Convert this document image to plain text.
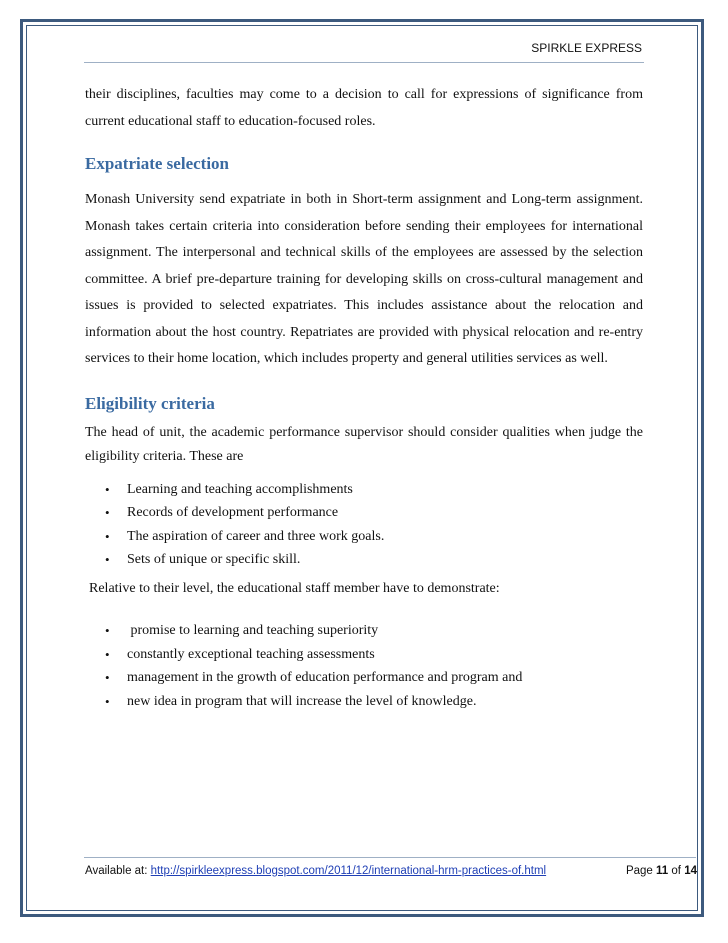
SPIRKLE EXPRESS

their disciplines, faculties may come to a decision to call for expressions of significance from current educational staff to education-focused roles.

Expatriate selection

Monash University send expatriate in both in Short-term assignment and Long-term assignment. Monash takes certain criteria into consideration before sending their employees for international assignment. The interpersonal and technical skills of the employees are assessed by the selection committee. A brief pre-departure training for developing skills on cross-cultural management and issues is provided to selected expatriates. This includes assistance about the relocation and information about the host country. Repatriates are provided with physical relocation and re-entry services to their home location, which includes property and general utilities services as well.

Eligibility criteria

The head of unit, the academic performance supervisor should consider qualities when judge the eligibility criteria. These are

• Learning and teaching accomplishments
• Records of development performance
• The aspiration of career and three work goals.
• Sets of unique or specific skill.

Relative to their level, the educational staff member have to demonstrate:

• promise to learning and teaching superiority
• constantly exceptional teaching assessments
• management in the growth of education performance and program and
• new idea in program that will increase the level of knowledge.
Available at: http://spirkleexpress.blogspot.com/2011/12/international-hrm-practices-of.html	Page 11 of 14
